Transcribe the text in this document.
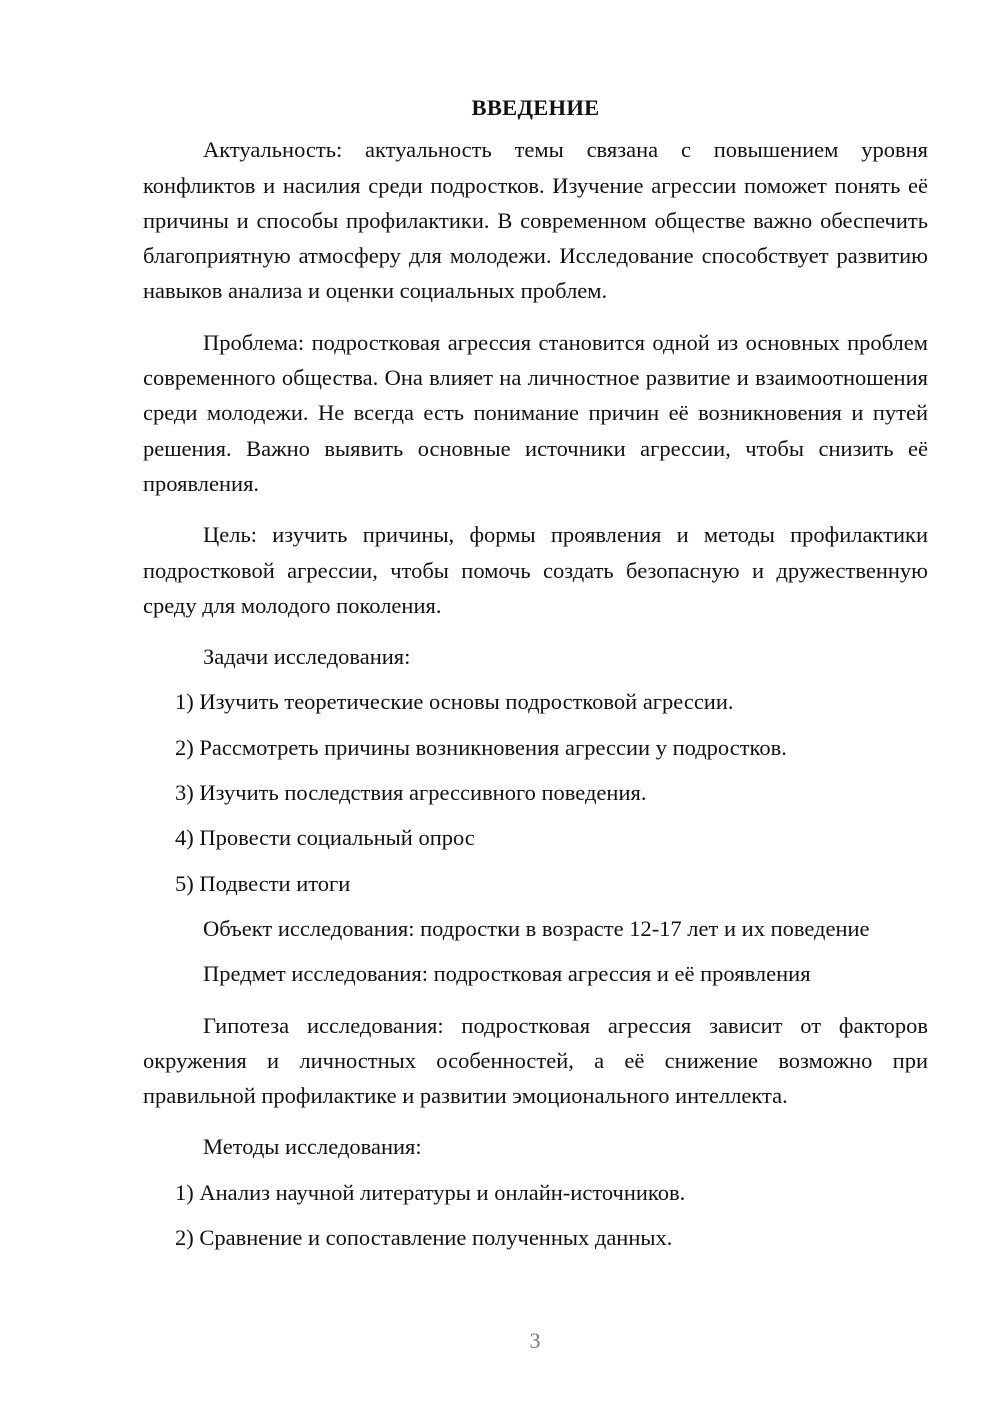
ВВЕДЕНИЕ

Актуальность: актуальность темы связана с повышением уровня конфликтов и насилия среди подростков. Изучение агрессии поможет понять её причины и способы профилактики. В современном обществе важно обеспечить благоприятную атмосферу для молодежи. Исследование способствует развитию навыков анализа и оценки социальных проблем.

Проблема: подростковая агрессия становится одной из основных проблем современного общества. Она влияет на личностное развитие и взаимоотношения среди молодежи. Не всегда есть понимание причин её возникновения и путей решения. Важно выявить основные источники агрессии, чтобы снизить её проявления.

Цель: изучить причины, формы проявления и методы профилактики подростковой агрессии, чтобы помочь создать безопасную и дружественную среду для молодого поколения.

Задачи исследования:

1) Изучить теоретические основы подростковой агрессии.
2) Рассмотреть причины возникновения агрессии у подростков.
3) Изучить последствия агрессивного поведения.
4) Провести социальный опрос
5) Подвести итоги

Объект исследования: подростки в возрасте 12-17 лет и их поведение

Предмет исследования: подростковая агрессия и её проявления

Гипотеза исследования: подростковая агрессия зависит от факторов окружения и личностных особенностей, а её снижение возможно при правильной профилактике и развитии эмоционального интеллекта.

Методы исследования:

1) Анализ научной литературы и онлайн-источников.
2) Сравнение и сопоставление полученных данных.
3
